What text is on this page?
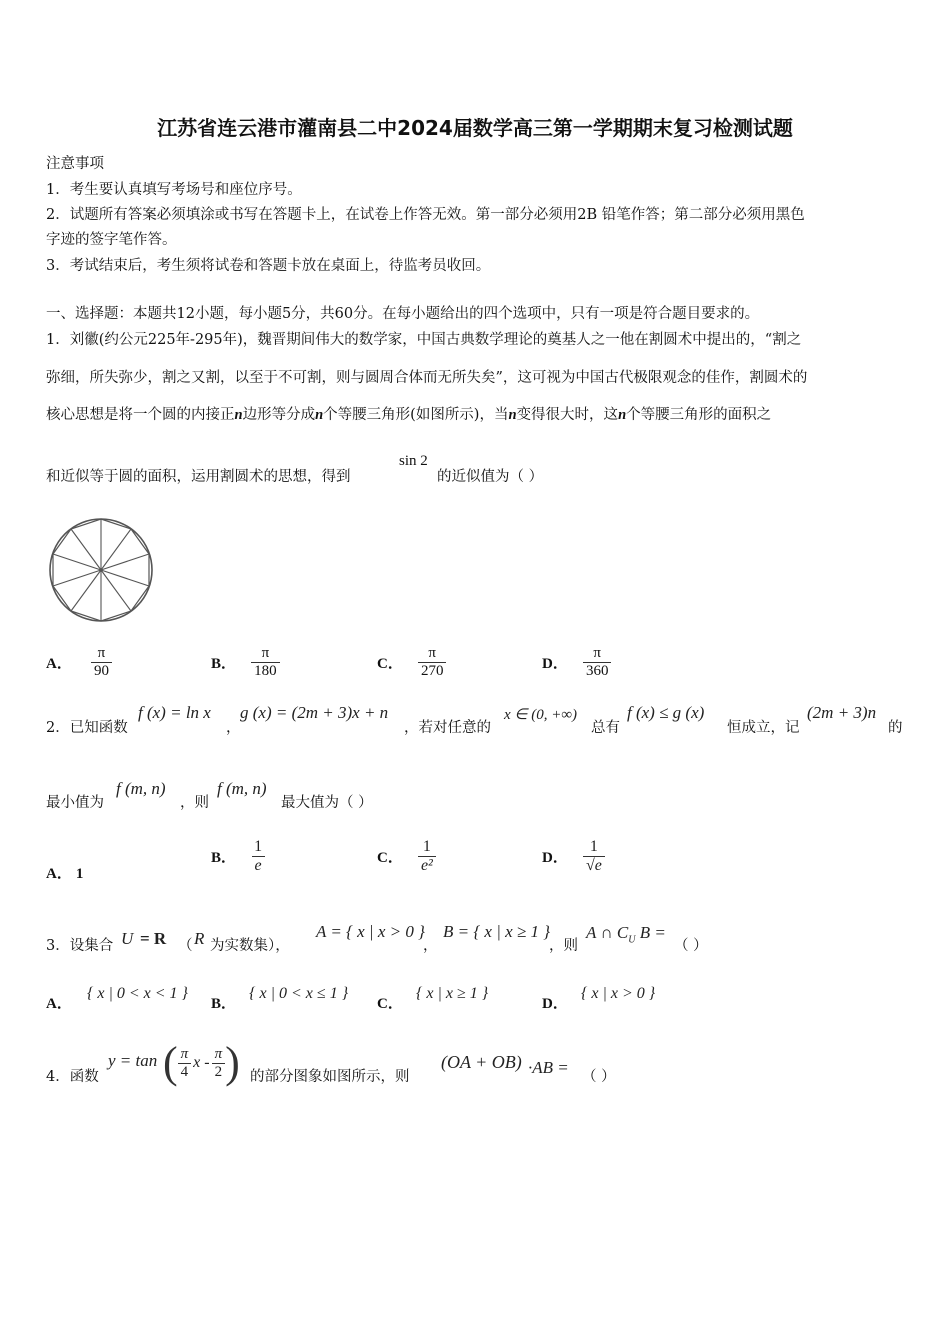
江苏省连云港市灌南县二中2024届数学高三第一学期期末复习检测试题
注意事项
1．考生要认真填写考场号和座位序号。
2．试题所有答案必须填涂或书写在答题卡上，在试卷上作答无效。第一部分必须用2B 铅笔作答；第二部分必须用黑色
字迹的签字笔作答。
3．考试结束后，考生须将试卷和答题卡放在桌面上，待监考员收回。
一、选择题：本题共12小题，每小题5分，共60分。在每小题给出的四个选项中，只有一项是符合题目要求的。
1．刘徽(约公元225年-295年)，魏晋期间伟大的数学家，中国古典数学理论的奠基人之一他在割圆术中提出的，“割之
弥细，所失弥少，割之又割，以至于不可割，则与圆周合体而无所失矣”，这可视为中国古代极限观念的佳作，割圆术的
核心思想是将一个圆的内接正n边形等分成n个等腰三角形(如图所示)，当n变得很大时，这n个等腰三角形的面积之
和近似等于圆的面积，运用割圆术的思想，得到
sin 2
的近似值为（ ）
A． $\frac{\pi}{90}$	B． $\frac{\pi}{180}$	C． $\frac{\pi}{270}$	D． $\frac{\pi}{360}$
2．已知函数
f (x) = ln x
，
g (x) = (2m + 3)x + n
，若对任意的
x ∈ (0, +∞)
总有
f (x) ≤ g (x)
恒成立，记
(2m + 3)n
的
最小值为
f (m, n)
，则
f (m, n)
最大值为（ ）
A． 1
B． $\frac{1}{e}$	C． $\frac{1}{\text{e²}}$	D． $\frac{1}{√e}$
3．设集合 U = R （ R 为实数集），
A = { x | x > 0 }
，
B = { x | x ≥ 1 }
，则
A ∩ $C_U$ B =
（ ）
A． { x | 0 < x < 1 }
B． { x | 0 < x ≤ 1 }
C． { x | x ≥ 1 }
D． { x | x > 0 }
4．函数
y = tan ( $\frac{\pi}{4}$ x - $\frac{\pi}{2}$ ) 的部分图象如图所示，则
(OA + OB) ·AB = （ ）
